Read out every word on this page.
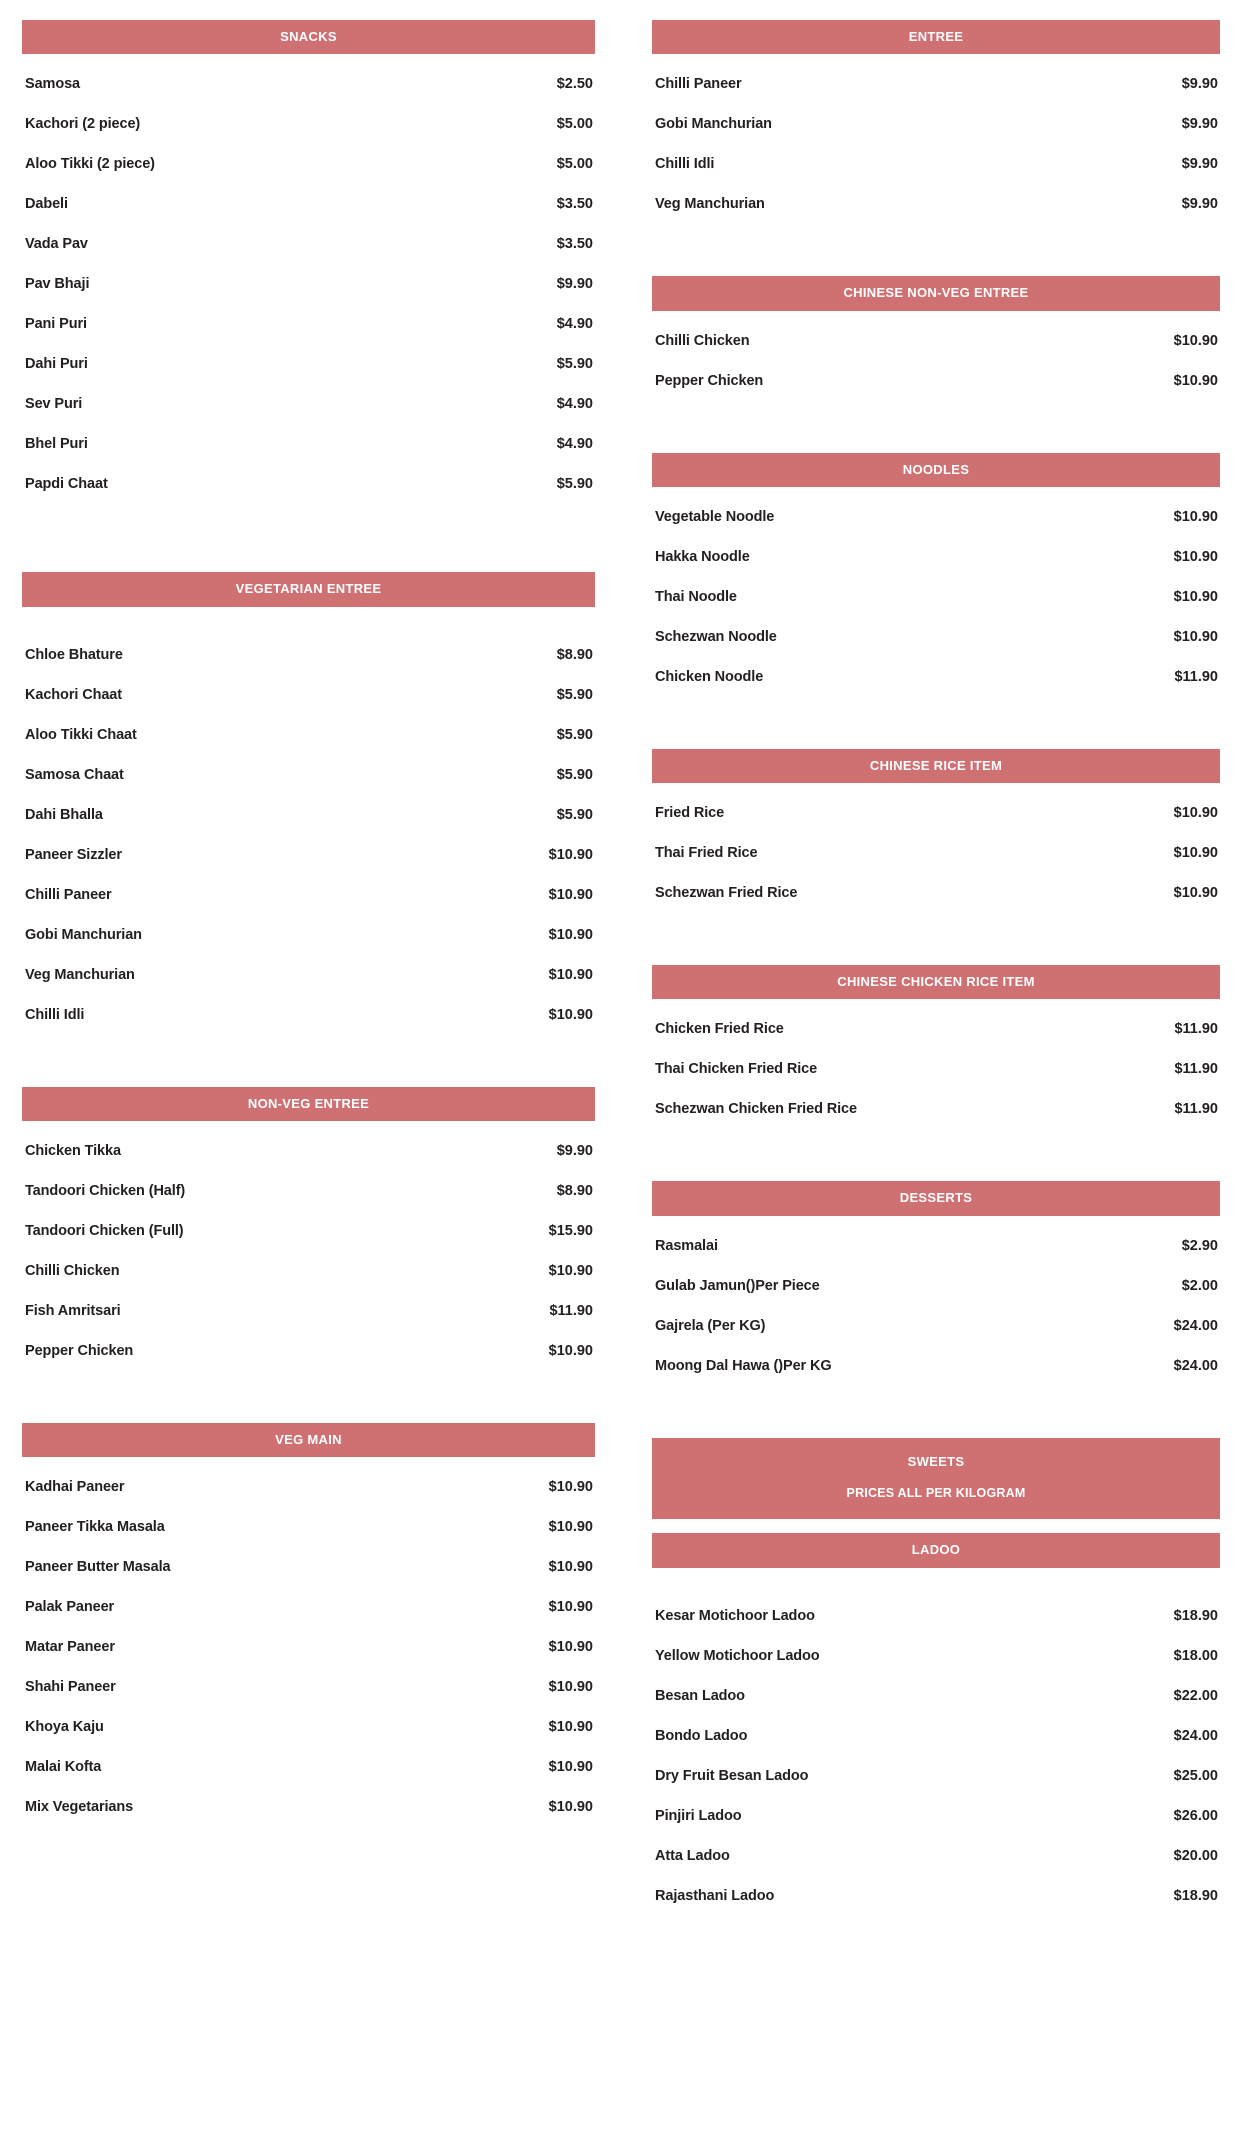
SNACKS
Samosa	$2.50
Kachori (2 piece)	$5.00
Aloo Tikki (2 piece)	$5.00
Dabeli	$3.50
Vada Pav	$3.50
Pav Bhaji	$9.90
Pani Puri	$4.90
Dahi Puri	$5.90
Sev Puri	$4.90
Bhel Puri	$4.90
Papdi Chaat	$5.90
VEGETARIAN ENTREE
Chloe Bhature	$8.90
Kachori Chaat	$5.90
Aloo Tikki Chaat	$5.90
Samosa Chaat	$5.90
Dahi Bhalla	$5.90
Paneer Sizzler	$10.90
Chilli Paneer	$10.90
Gobi Manchurian	$10.90
Veg Manchurian	$10.90
Chilli Idli	$10.90
NON-VEG ENTREE
Chicken Tikka	$9.90
Tandoori Chicken (Half)	$8.90
Tandoori Chicken (Full)	$15.90
Chilli Chicken	$10.90
Fish Amritsari	$11.90
Pepper Chicken	$10.90
VEG MAIN
Kadhai Paneer	$10.90
Paneer Tikka Masala	$10.90
Paneer Butter Masala	$10.90
Palak Paneer	$10.90
Matar Paneer	$10.90
Shahi Paneer	$10.90
Khoya Kaju	$10.90
Malai Kofta	$10.90
Mix Vegetarians	$10.90
ENTREE
Chilli Paneer	$9.90
Gobi Manchurian	$9.90
Chilli Idli	$9.90
Veg Manchurian	$9.90
CHINESE NON-VEG ENTREE
Chilli Chicken	$10.90
Pepper Chicken	$10.90
NOODLES
Vegetable Noodle	$10.90
Hakka Noodle	$10.90
Thai Noodle	$10.90
Schezwan Noodle	$10.90
Chicken Noodle	$11.90
CHINESE RICE ITEM
Fried Rice	$10.90
Thai Fried Rice	$10.90
Schezwan Fried Rice	$10.90
CHINESE CHICKEN RICE ITEM
Chicken Fried Rice	$11.90
Thai Chicken Fried Rice	$11.90
Schezwan Chicken Fried Rice	$11.90
DESSERTS
Rasmalai	$2.90
Gulab Jamun()Per Piece	$2.00
Gajrela (Per KG)	$24.00
Moong Dal Hawa ()Per KG	$24.00
SWEETS
PRICES ALL PER KILOGRAM
LADOO
Kesar Motichoor Ladoo	$18.90
Yellow Motichoor Ladoo	$18.00
Besan Ladoo	$22.00
Bondo Ladoo	$24.00
Dry Fruit Besan Ladoo	$25.00
Pinjiri Ladoo	$26.00
Atta Ladoo	$20.00
Rajasthani Ladoo	$18.90
